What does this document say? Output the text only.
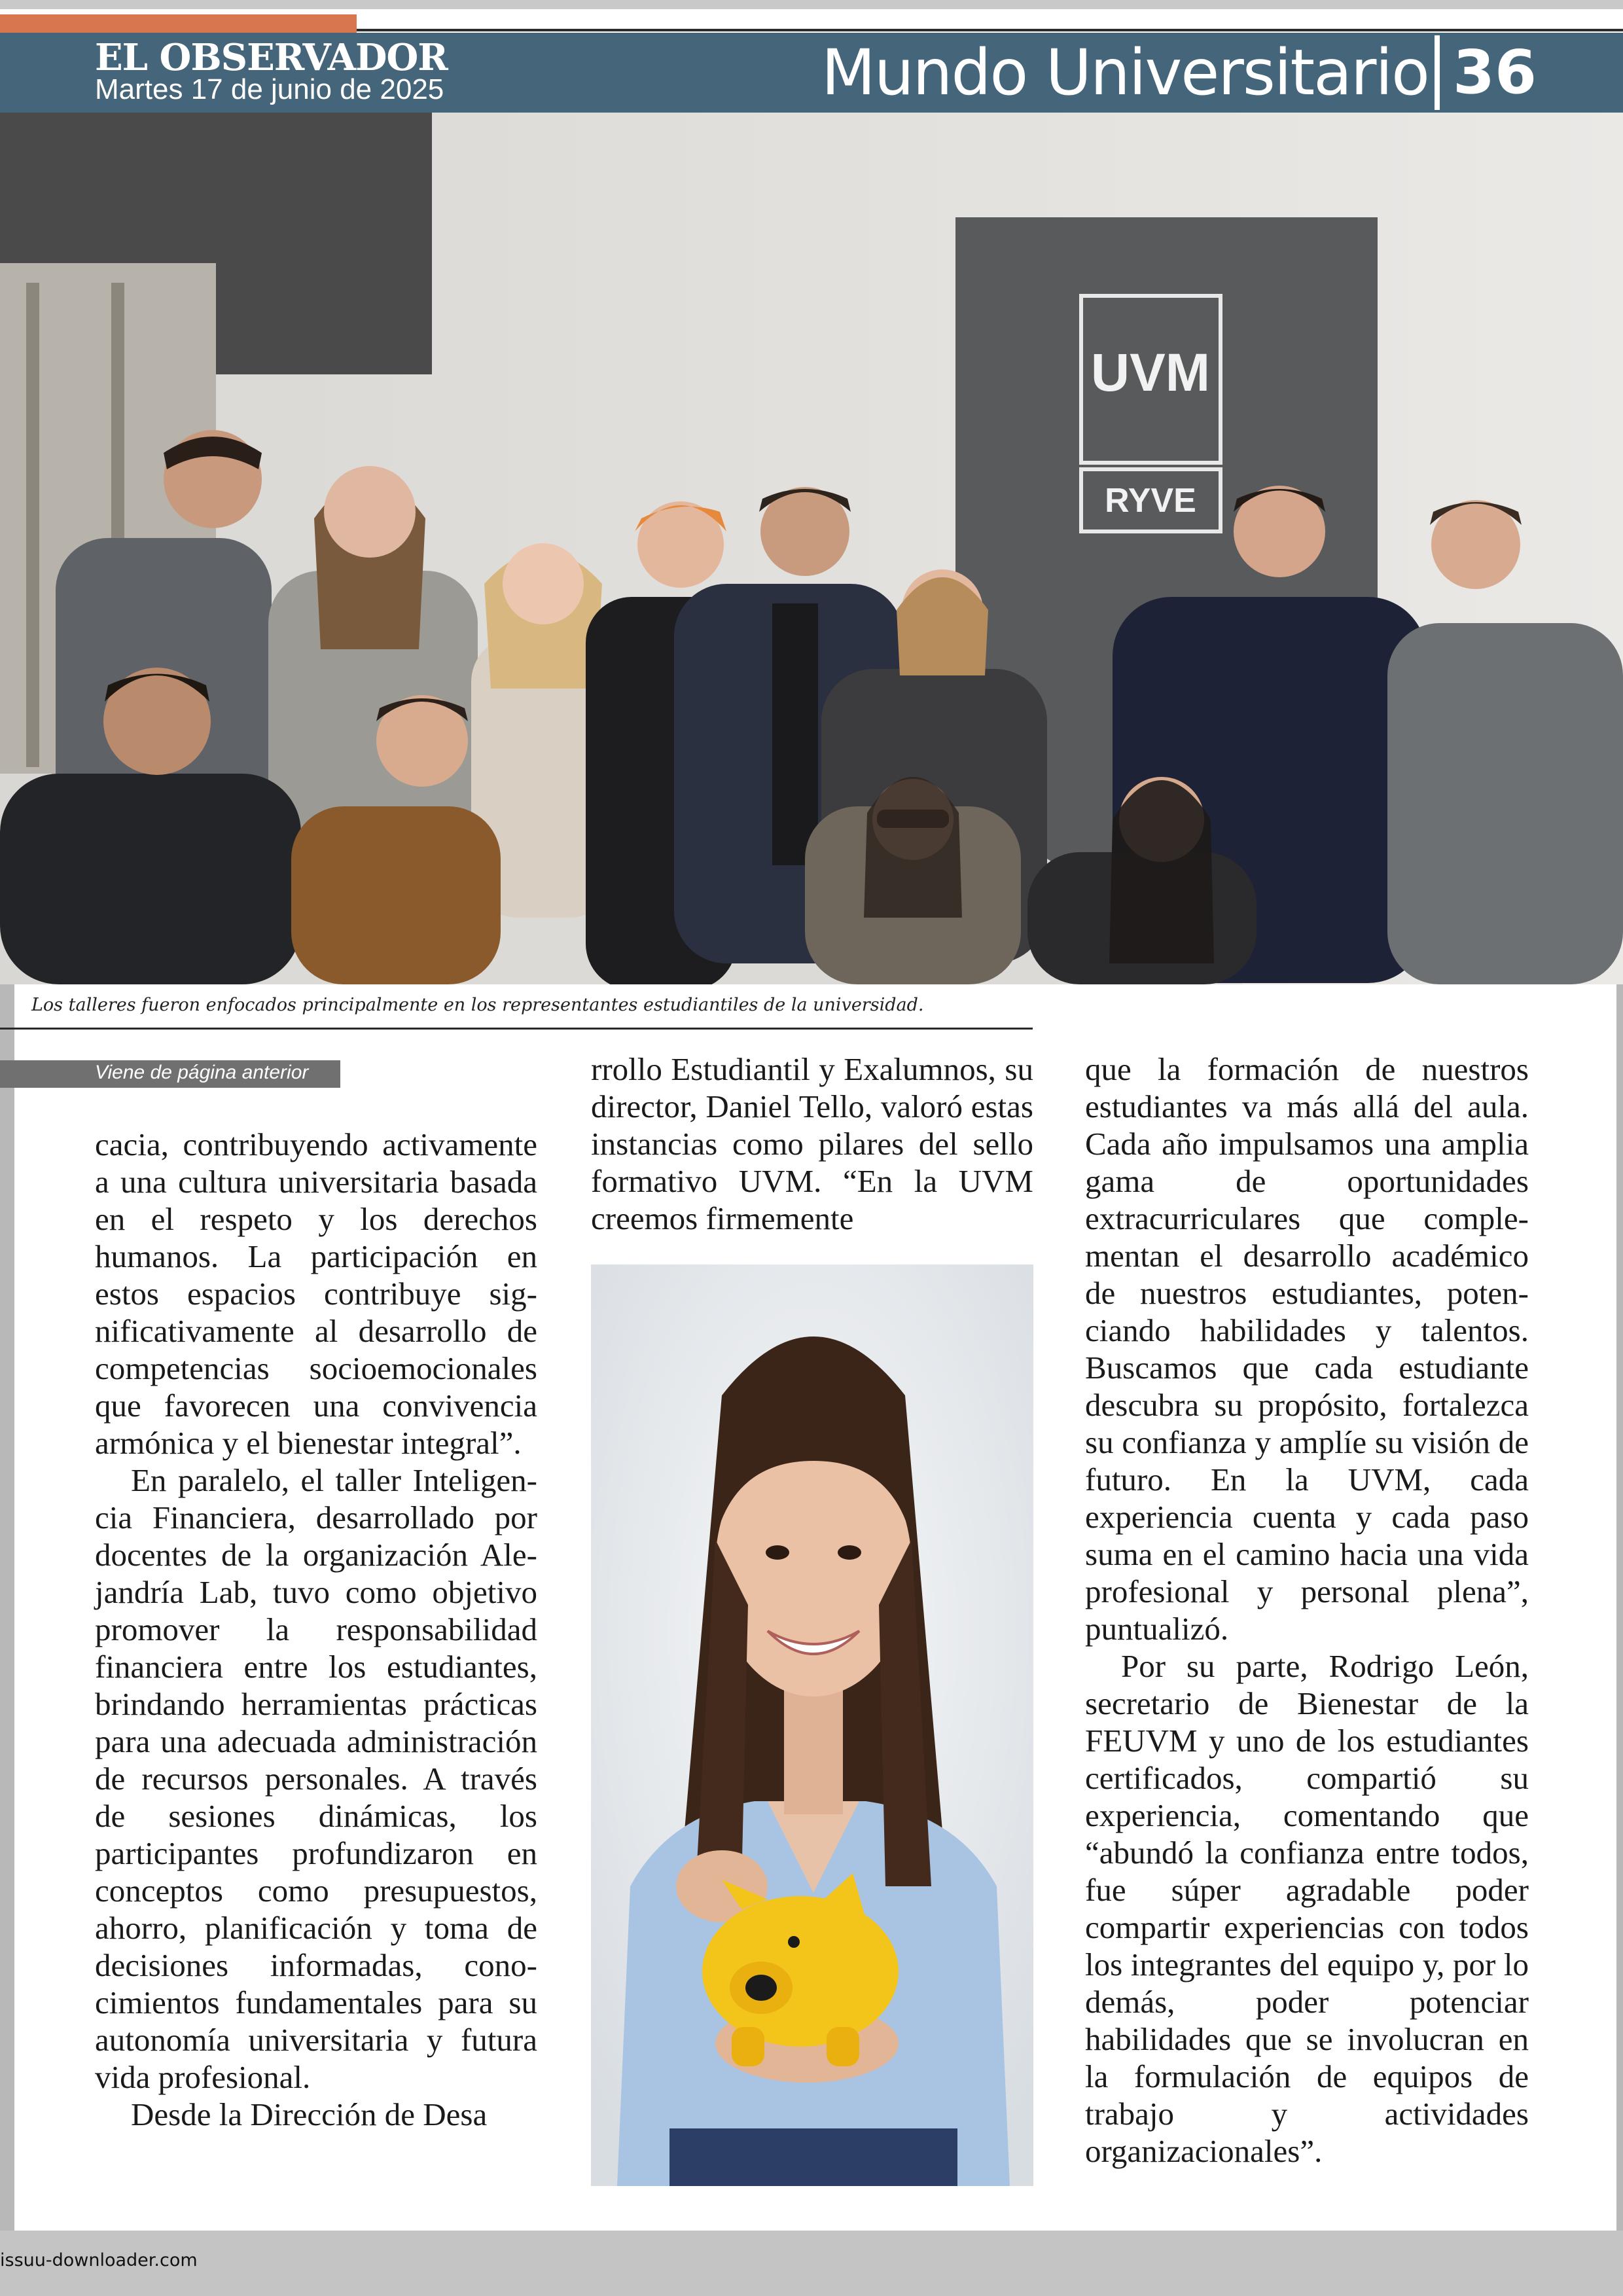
EL OBSERVADOR
Martes 17 de junio de 2025	Mundo Universitario 36
UVM
RYVE
Los talleres fueron enfocados principalmente en los representantes estudiantiles de la universidad.
Viene de página anterior

cacia, contribuyendo activamente a una cultura universitaria basada en el respeto y los derechos humanos. La participación en estos espacios contribuye significativamente al desarrollo de competencias socioemocionales que favorecen una convivencia armónica y el bienestar integral”.

En paralelo, el taller Inteligencia Financiera, desarrollado por docentes de la organización Alejandría Lab, tuvo como objetivo promover la responsabilidad financiera entre los estudiantes, brindando herramientas prácticas para una adecuada administración de recursos personales. A través de sesiones dinámicas, los participantes profundizaron en conceptos como presupuestos, ahorro, planificación y toma de decisiones informadas, conocimientos fundamentales para su autonomía universitaria y futura vida profesional.

Desde la Dirección de Desa

rrollo Estudiantil y Exalumnos, su director, Daniel Tello, valoró estas instancias como pilares del sello formativo UVM. “En la UVM creemos firmemente

que la formación de nuestros estudiantes va más allá del aula. Cada año impulsamos una amplia gama de oportunidades extracurriculares que complementan el desarrollo académico de nuestros estudiantes, potenciando habilidades y talentos. Buscamos que cada estudiante descubra su propósito, fortalezca su confianza y amplíe su visión de futuro. En la UVM, cada experiencia cuenta y cada paso suma en el camino hacia una vida profesional y personal plena”, puntualizó.

Por su parte, Rodrigo León, secretario de Bienestar de la FEUVM y uno de los estudiantes certificados, compartió su experiencia, comentando que “abundó la confianza entre todos, fue súper agradable poder compartir experiencias con todos los integrantes del equipo y, por lo demás, poder potenciar habilidades que se involucran en la formulación de equipos de trabajo y actividades organizacionales”.

issuu-downloader.com
